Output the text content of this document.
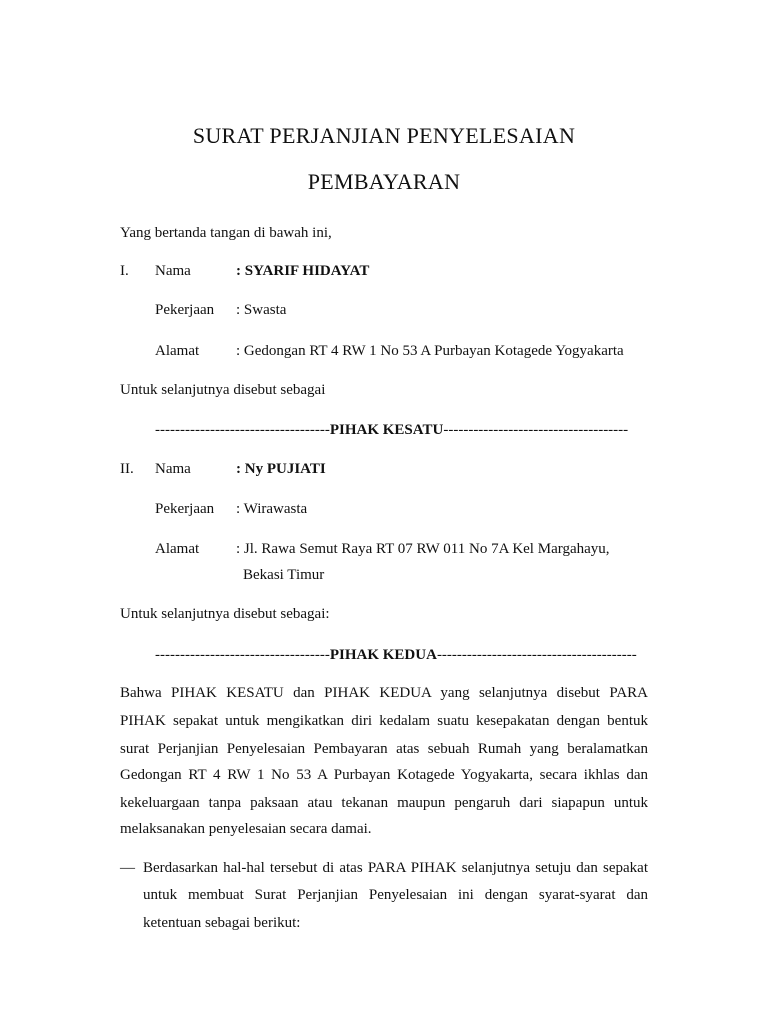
SURAT PERJANJIAN PENYELESAIAN
PEMBAYARAN
Yang bertanda tangan di bawah ini,
I. Nama	: SYARIF HIDAYAT
Pekerjaan : Swasta
Alamat : Gedongan RT 4 RW 1 No 53 A Purbayan Kotagede Yogyakarta
Untuk selanjutnya disebut sebagai
-----------------------------------PIHAK KESATU-------------------------------------
II. Nama	: Ny PUJIATI
Pekerjaan : Wirawasta
Alamat : Jl. Rawa Semut Raya RT 07 RW 011 No 7A Kel Margahayu,
Bekasi Timur
Untuk selanjutnya disebut sebagai:
-----------------------------------PIHAK KEDUA----------------------------------------
Bahwa PIHAK KESATU dan PIHAK KEDUA yang selanjutnya disebut PARA
PIHAK sepakat untuk mengikatkan diri kedalam suatu kesepakatan dengan bentuk
surat Perjanjian Penyelesaian Pembayaran atas sebuah Rumah yang beralamatkan
Gedongan RT 4 RW 1 No 53 A Purbayan Kotagede Yogyakarta, secara ikhlas dan
kekeluargaan tanpa paksaan atau tekanan maupun pengaruh dari siapapun untuk
melaksanakan penyelesaian secara damai.
— Berdasarkan hal-hal tersebut di atas PARA PIHAK selanjutnya setuju dan sepakat
untuk membuat Surat Perjanjian Penyelesaian ini dengan syarat-syarat dan
ketentuan sebagai berikut:
